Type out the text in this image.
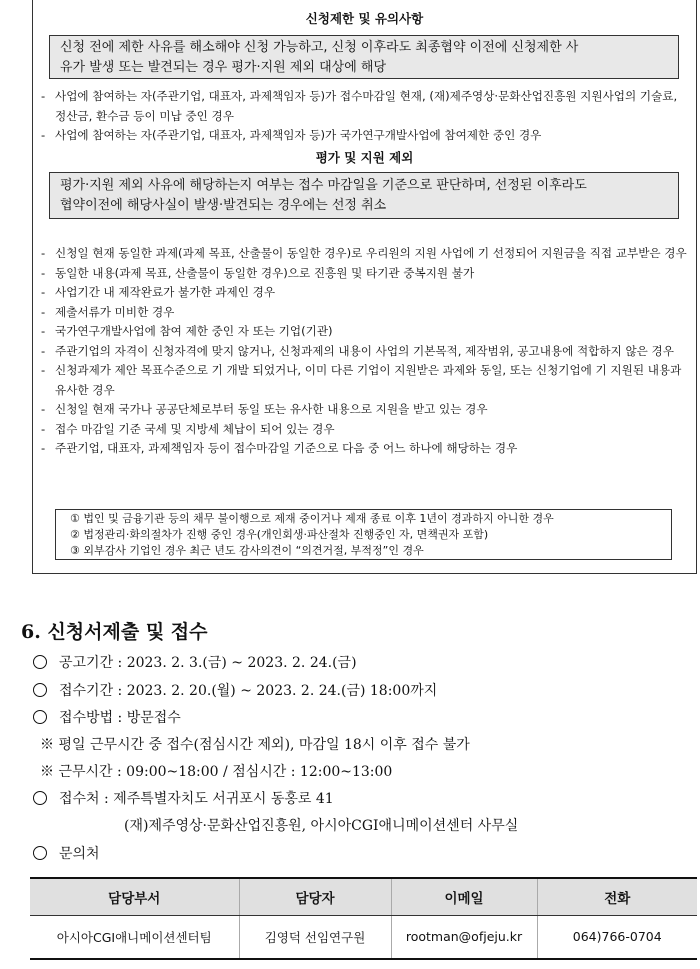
신청제한 및 유의사항
신청 전에 제한 사유를 해소해야 신청 가능하고, 신청 이후라도 최종협약 이전에 신청제한 사
유가 발생 또는 발견되는 경우 평가·지원 제외 대상에 해당
- 사업에 참여하는 자(주관기업, 대표자, 과제책임자 등)가 접수마감일 현재, (재)제주영상·문화산업진흥원 지원사업의 기술료, 정산금, 환수금 등이 미납 중인 경우
- 사업에 참여하는 자(주관기업, 대표자, 과제책임자 등)가 국가연구개발사업에 참여제한 중인 경우
평가 및 지원 제외
평가·지원 제외 사유에 해당하는지 여부는 접수 마감일을 기준으로 판단하며, 선정된 이후라도
협약이전에 해당사실이 발생·발견되는 경우에는 선정 취소
- 신청일 현재 동일한 과제(과제 목표, 산출물이 동일한 경우)로 우리원의 지원 사업에 기 선정되어 지원금을 직접 교부받은 경우
- 동일한 내용(과제 목표, 산출물이 동일한 경우)으로 진흥원 및 타기관 중복지원 불가
- 사업기간 내 제작완료가 불가한 과제인 경우
- 제출서류가 미비한 경우
- 국가연구개발사업에 참여 제한 중인 자 또는 기업(기관)
- 주관기업의 자격이 신청자격에 맞지 않거나, 신청과제의 내용이 사업의 기본목적, 제작범위, 공고내용에 적합하지 않은 경우
- 신청과제가 제안 목표수준으로 기 개발 되었거나, 이미 다른 기업이 지원받은 과제와 동일, 또는 신청기업에 기 지원된 내용과 유사한 경우
- 신청일 현재 국가나 공공단체로부터 동일 또는 유사한 내용으로 지원을 받고 있는 경우
- 접수 마감일 기준 국세 및 지방세 체납이 되어 있는 경우
- 주관기업, 대표자, 과제책임자 등이 접수마감일 기준으로 다음 중 어느 하나에 해당하는 경우
① 법인 및 금융기관 등의 채무 불이행으로 제재 중이거나 제재 종료 이후 1년이 경과하지 아니한 경우
② 법정관리·화의절차가 진행 중인 경우(개인회생·파산절차 진행중인 자, 면책권자 포함)
③ 외부감사 기업인 경우 최근 년도 감사의견이 “의견거절, 부적정”인 경우
6. 신청서제출 및 접수
공고기간 : 2023. 2. 3.(금) ~ 2023. 2. 24.(금)
접수기간 : 2023. 2. 20.(월) ~ 2023. 2. 24.(금) 18:00까지
접수방법 : 방문접수
※ 평일 근무시간 중 접수(점심시간 제외), 마감일 18시 이후 접수 불가
※ 근무시간 : 09:00~18:00 / 점심시간 : 12:00~13:00
접수처 : 제주특별자치도 서귀포시 동홍로 41
(재)제주영상·문화산업진흥원, 아시아CGI애니메이션센터 사무실
문의처
담당부서	담당자	이메일	전화
아시아CGI애니메이션센터팀	김영덕 선임연구원	rootman@ofjeju.kr	064)766-0704
